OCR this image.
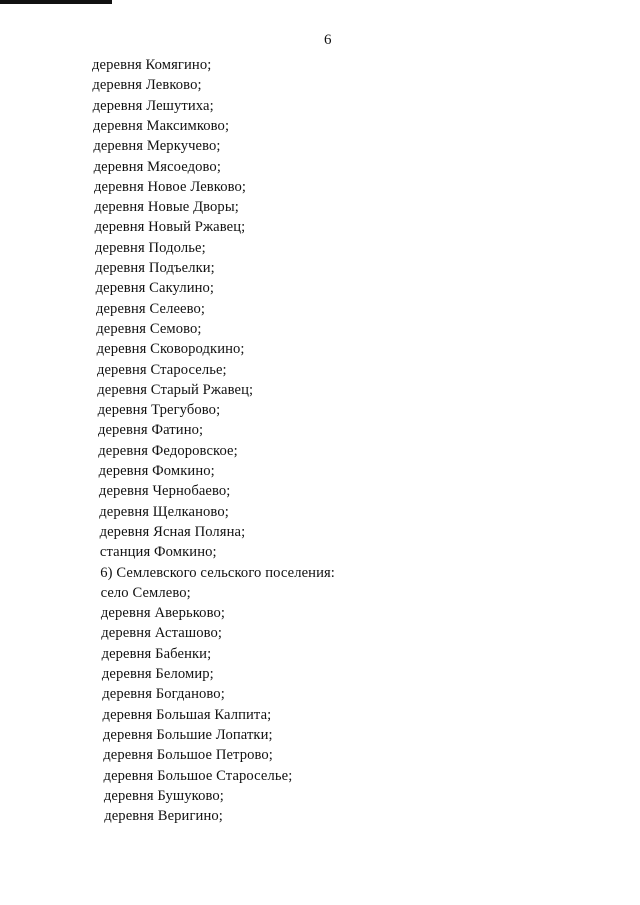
6
деревня Комягино;
деревня Левково;
деревня Лешутиха;
деревня Максимково;
деревня Меркучево;
деревня Мясоедово;
деревня Новое Левково;
деревня Новые Дворы;
деревня Новый Ржавец;
деревня Подолье;
деревня Подъелки;
деревня Сакулино;
деревня Селеево;
деревня Семово;
деревня Сковородкино;
деревня Староселье;
деревня Старый Ржавец;
деревня Трегубово;
деревня Фатино;
деревня Федоровское;
деревня Фомкино;
деревня Чернобаево;
деревня Щелканово;
деревня Ясная Поляна;
станция Фомкино;
6) Семлевского сельского поселения:
село Семлево;
деревня Аверьково;
деревня Асташово;
деревня Бабенки;
деревня Беломир;
деревня Богданово;
деревня Большая Калпита;
деревня Большие Лопатки;
деревня Большое Петрово;
деревня Большое Староселье;
деревня Бушуково;
деревня Веригино;
